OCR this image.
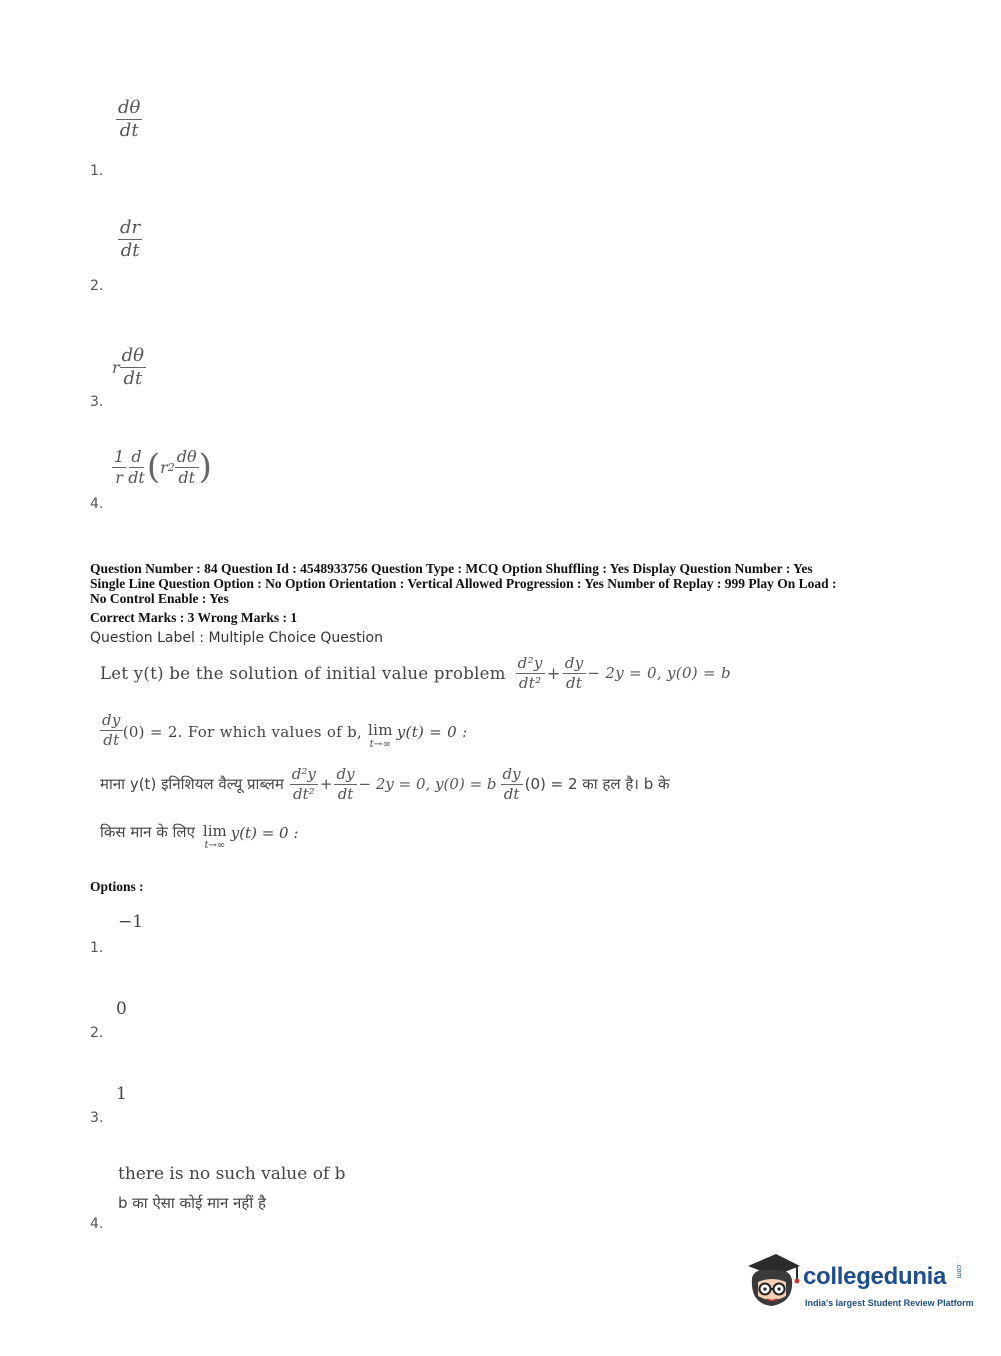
$\frac{d\theta}{dt}$
1.
$\frac{dr}{dt}$
2.
r $\frac{d\theta}{dt}$
3.
$\frac{1}{r} \frac{d}{dt}$ ( r $2 \frac{d\theta}{dt}$ )
4.
Question Number : 84 Question Id : 4548933756 Question Type : MCQ Option Shuffling : Yes Display Question Number : Yes
Single Line Question Option : No Option Orientation : Vertical Allowed Progression : Yes Number of Replay : 999 Play On Load :
No Control Enable : Yes
Correct Marks : 3 Wrong Marks : 1
Question Label : Multiple Choice Question
Let y(t) be the solution of initial value problem $\frac{\text{d²y}}{\text{dt²}} + \frac{dy}{dt} - 2y = 0$, y(0) = b
$\frac{dy}{dt} (0) = 2$. For which values of b, lim
t→∞
y(t) = 0 :
माना y(t) इनिशियल वैल्यू प्राब्लम $\frac{\text{d²y}}{\text{dt²}} + \frac{dy}{dt} - 2y = 0$, y(0) = b $\frac{dy}{dt} (0) = 2$ का हल है। b के
किस मान के लिए lim
t→∞
y(t) = 0 :
Options :
−1
1.
0
2.
1
3.
there is no such value of b
b का ऐसा कोई मान नहीं है
4.
collegedunia .com
India's largest Student Review Platform
